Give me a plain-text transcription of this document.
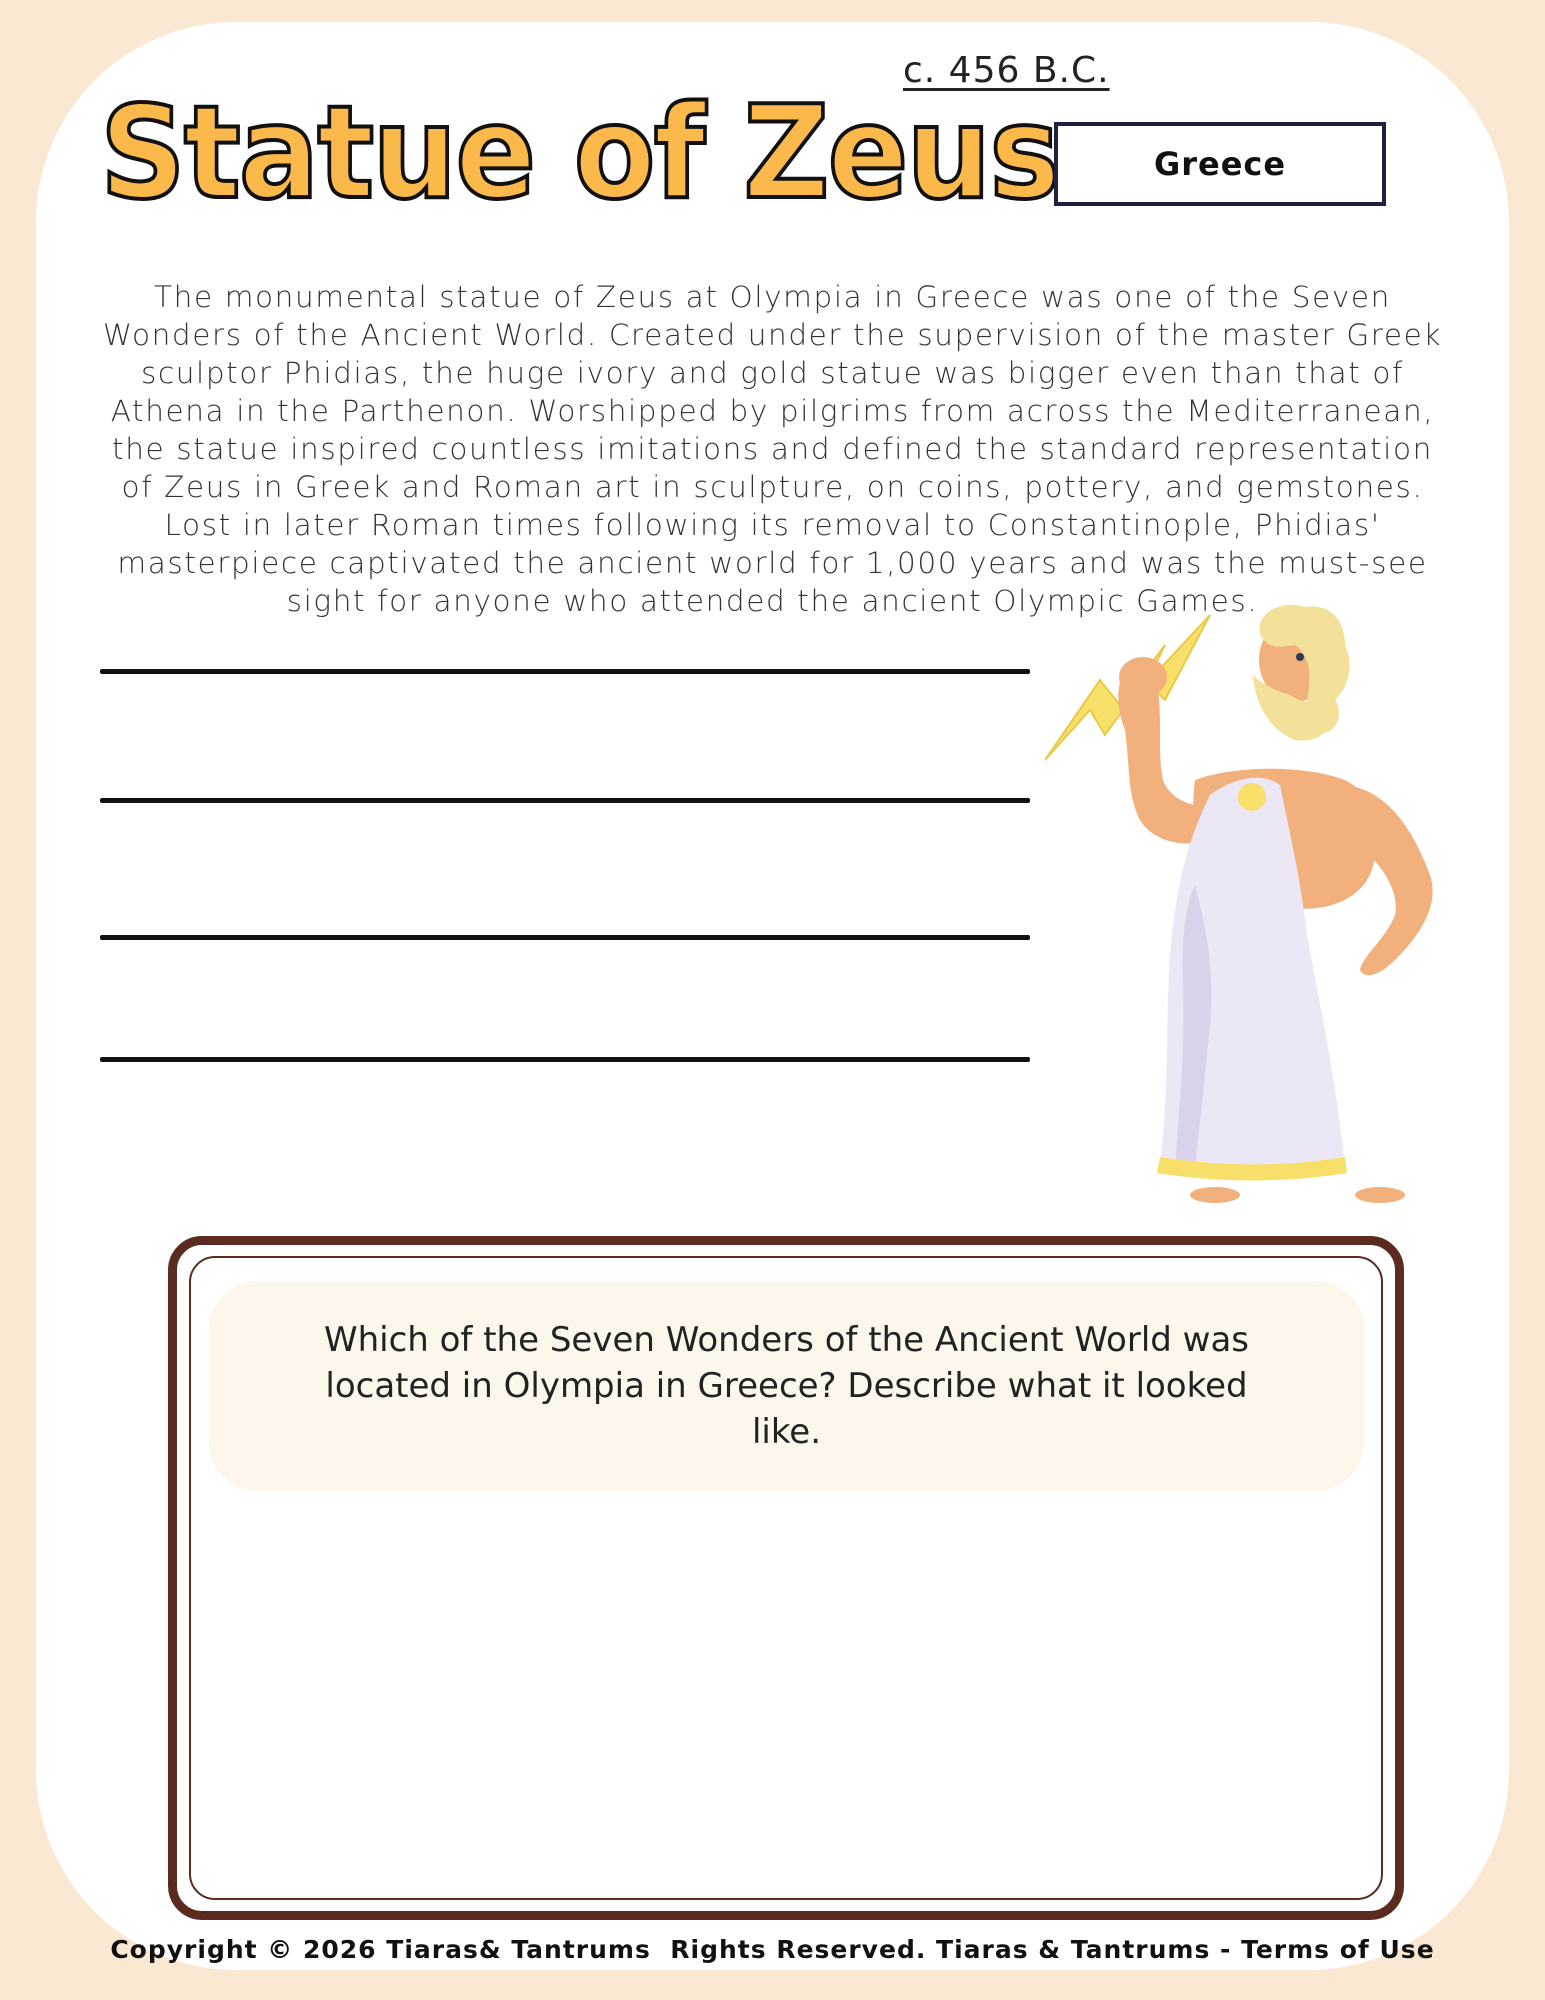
c. 456 B.C.
Statue of Zeus	Greece

The monumental statue of Zeus at Olympia in Greece was one of the Seven Wonders of the Ancient World. Created under the supervision of the master Greek sculptor Phidias, the huge ivory and gold statue was bigger even than that of Athena in the Parthenon. Worshipped by pilgrims from across the Mediterranean, the statue inspired countless imitations and defined the standard representation of Zeus in Greek and Roman art in sculpture, on coins, pottery, and gemstones. Lost in later Roman times following its removal to Constantinople, Phidias' masterpiece captivated the ancient world for 1,000 years and was the must-see sight for anyone who attended the ancient Olympic Games.

Which of the Seven Wonders of the Ancient World was located in Olympia in Greece? Describe what it looked like.

Copyright © 2026 Tiaras& Tantrums  Rights Reserved. Tiaras & Tantrums - Terms of Use
